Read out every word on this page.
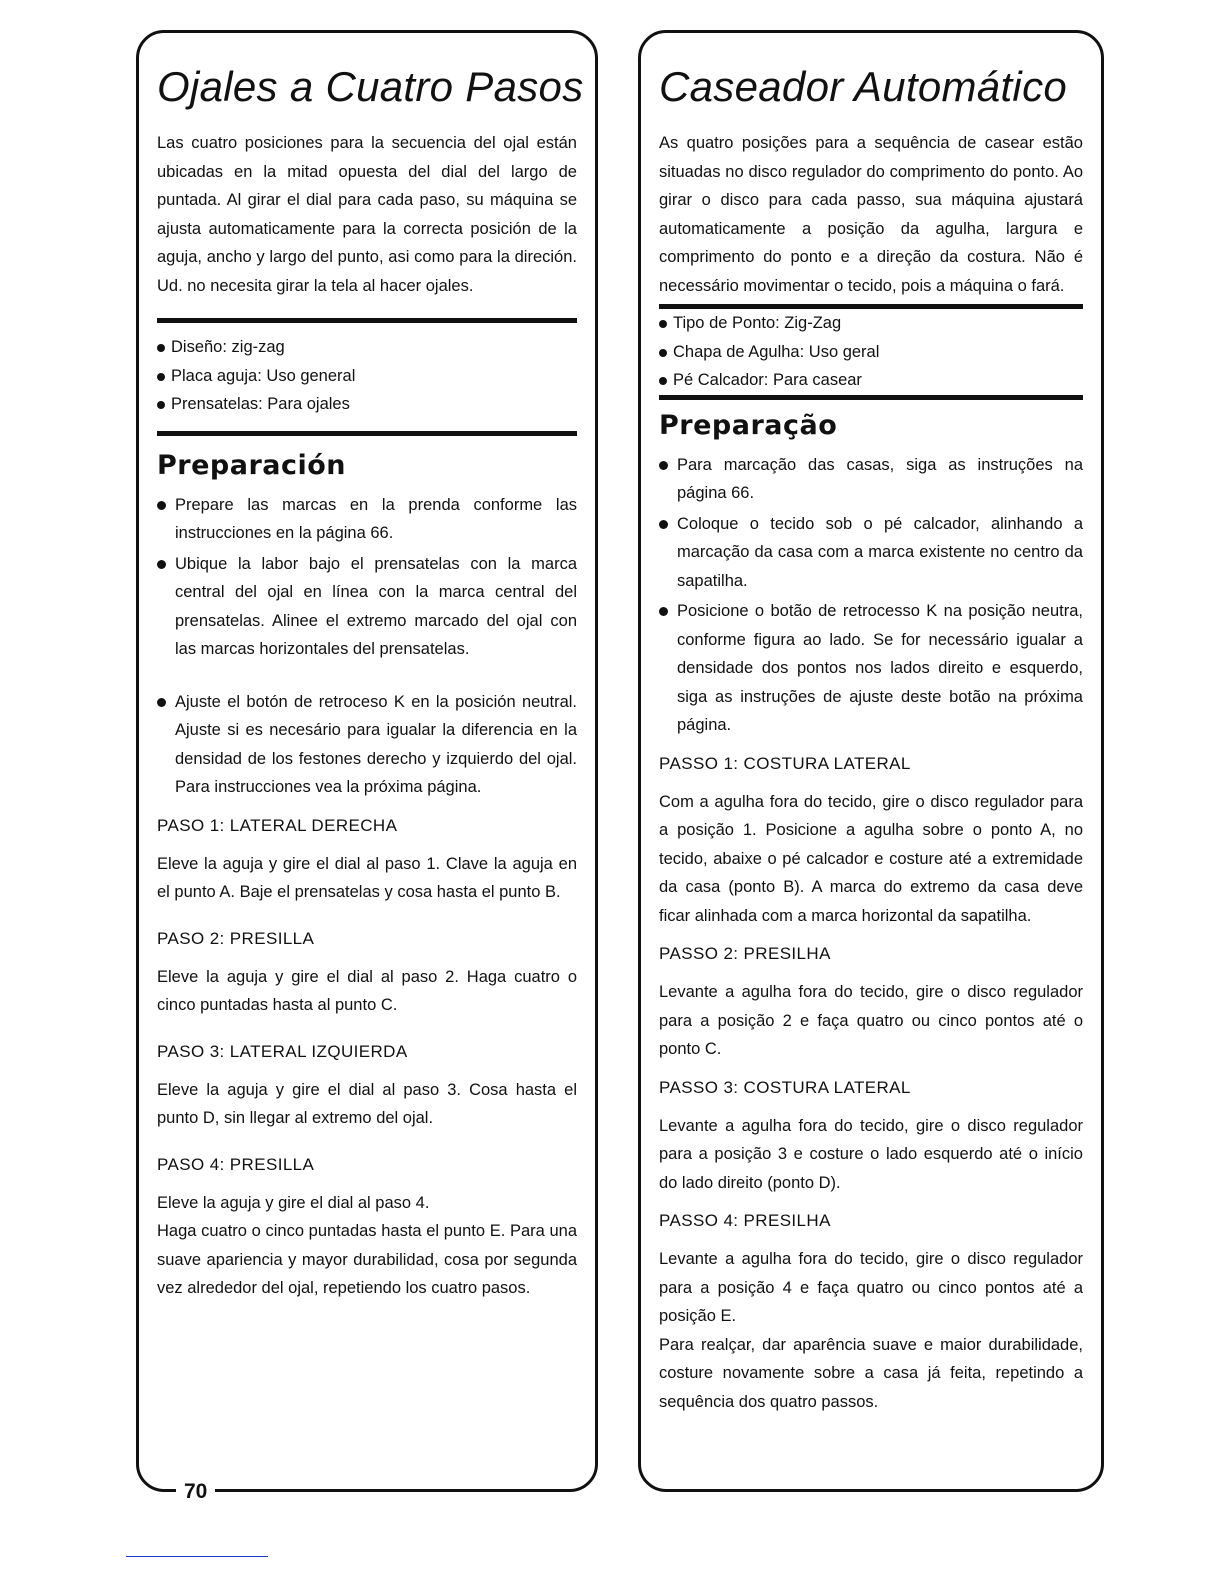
Ojales a Cuatro Pasos

Las cuatro posiciones para la secuencia del ojal están ubicadas en la mitad opuesta del dial del largo de puntada. Al girar el dial para cada paso, su máquina se ajusta automaticamente para la correcta posición de la aguja, ancho y largo del punto, asi como para la direción. Ud. no necesita girar la tela al hacer ojales.

Diseño: zig-zag
Placa aguja: Uso general
Prensatelas: Para ojales
Preparación
Prepare las marcas en la prenda conforme las instrucciones en la página 66.
Ubique la labor bajo el prensatelas con la marca central del ojal en línea con la marca central del prensatelas. Alinee el extremo marcado del ojal con las marcas horizontales del prensatelas.
Ajuste el botón de retroceso K en la posición neutral. Ajuste si es necesário para igualar la diferencia en la densidad de los festones derecho y izquierdo del ojal. Para instrucciones vea la próxima página.
PASO 1: LATERAL DERECHA

Eleve la aguja y gire el dial al paso 1. Clave la aguja en el punto A. Baje el prensatelas y cosa hasta el punto B.

PASO 2: PRESILLA

Eleve la aguja y gire el dial al paso 2. Haga cuatro o cinco puntadas hasta al punto C.

PASO 3: LATERAL IZQUIERDA

Eleve la aguja y gire el dial al paso 3. Cosa hasta el punto D, sin llegar al extremo del ojal.

PASO 4: PRESILLA

Eleve la aguja y gire el dial al paso 4.

Haga cuatro o cinco puntadas hasta el punto E. Para una suave apariencia y mayor durabilidad, cosa por segunda vez alrededor del ojal, repetiendo los cuatro pasos.

70
Caseador Automático

As quatro posições para a sequência de casear estão situadas no disco regulador do comprimento do ponto. Ao girar o disco para cada passo, sua máquina ajustará automaticamente a posição da agulha, largura e comprimento do ponto e a direção da costura. Não é necessário movimentar o tecido, pois a máquina o fará.

Tipo de Ponto: Zig-Zag
Chapa de Agulha: Uso geral
Pé Calcador: Para casear
Preparação
Para marcação das casas, siga as instruções na página 66.
Coloque o tecido sob o pé calcador, alinhando a marcação da casa com a marca existente no centro da sapatilha.
Posicione o botão de retrocesso K na posição neutra, conforme figura ao lado. Se for necessário igualar a densidade dos pontos nos lados direito e esquerdo, siga as instruções de ajuste deste botão na próxima página.
PASSO 1: COSTURA LATERAL

Com a agulha fora do tecido, gire o disco regulador para a posição 1. Posicione a agulha sobre o ponto A, no tecido, abaixe o pé calcador e costure até a extremidade da casa (ponto B). A marca do extremo da casa deve ficar alinhada com a marca horizontal da sapatilha.

PASSO 2: PRESILHA

Levante a agulha fora do tecido, gire o disco regulador para a posição 2 e faça quatro ou cinco pontos até o ponto C.

PASSO 3: COSTURA LATERAL

Levante a agulha fora do tecido, gire o disco regulador para a posição 3 e costure o lado esquerdo até o início do lado direito (ponto D).

PASSO 4: PRESILHA

Levante a agulha fora do tecido, gire o disco regulador para a posição 4 e faça quatro ou cinco pontos até a posição E.

Para realçar, dar aparência suave e maior durabilidade, costure novamente sobre a casa já feita, repetindo a sequência dos quatro passos.
